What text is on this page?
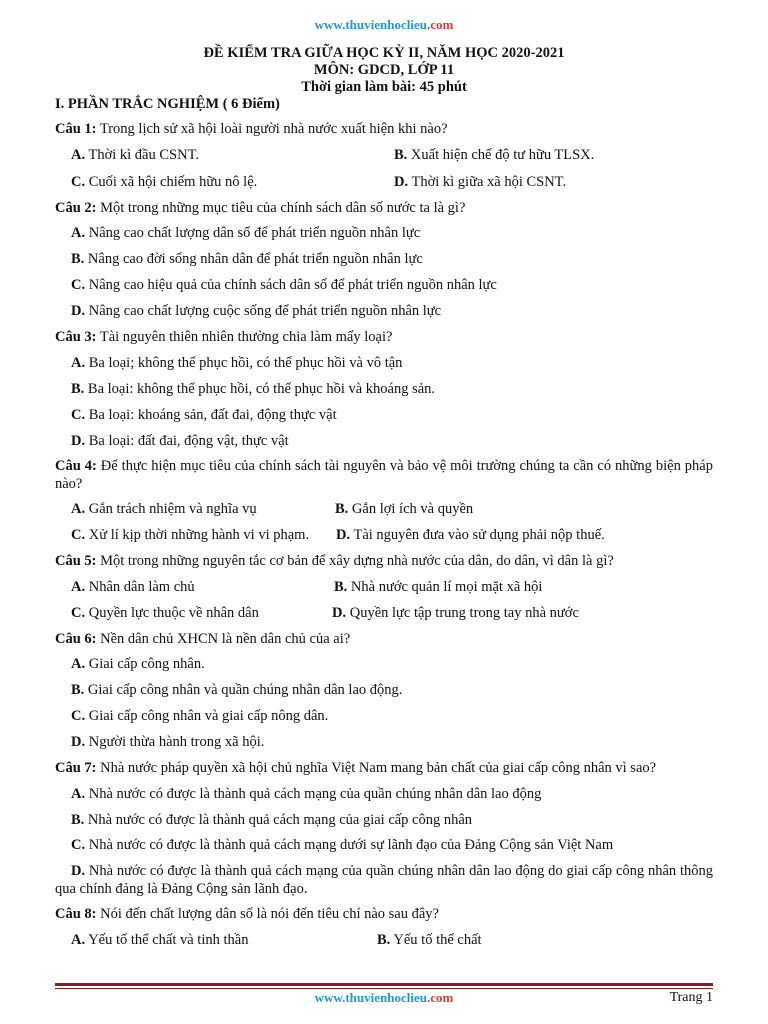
www.thuvienhoclieu.com
ĐỀ KIỂM TRA GIỮA HỌC KỲ II, NĂM HỌC 2020-2021
MÔN: GDCD, LỚP 11
Thời gian làm bài: 45 phút
I. PHẦN TRẮC NGHIỆM ( 6 Điểm)
Câu 1: Trong lịch sử xã hội loài người nhà nước xuất hiện khi nào?
A. Thời kì đầu CSNT.	B. Xuất hiện chế độ tư hữu TLSX.
C. Cuối xã hội chiếm hữu nô lệ.	D. Thời kì giữa xã hội CSNT.
Câu 2: Một trong những mục tiêu của chính sách dân số nước ta là gì?
A. Nâng cao chất lượng dân số để phát triển nguồn nhân lực
B. Nâng cao đời sống nhân dân để phát triển nguồn nhân lực
C. Nâng cao hiệu quả của chính sách dân số để phát triển nguồn nhân lực
D. Nâng cao chất lượng cuộc sống để phát triển nguồn nhân lực
Câu 3: Tài nguyên thiên nhiên thường chia làm mấy loại?
A. Ba loại; không thể phục hồi, có thể phục hồi và vô tận
B. Ba loại: không thể phục hồi, có thể phục hồi và khoáng sản.
C. Ba loại: khoáng sản, đất đai, động thực vật
D. Ba loại: đất đai, động vật, thực vật
Câu 4: Để thực hiện mục tiêu của chính sách tài nguyên và bảo vệ môi trường chúng ta cần có những biện pháp nào?
A. Gắn trách nhiệm và nghĩa vụ	B. Gắn lợi ích và quyền
C. Xử lí kịp thời những hành vi vi phạm. D. Tài nguyên đưa vào sử dụng phải nộp thuế.
Câu 5: Một trong những nguyên tắc cơ bản để xây dựng nhà nước của dân, do dân, vì dân là gì?
A. Nhân dân làm chủ	B. Nhà nước quản lí mọi mặt xã hội
C. Quyền lực thuộc về nhân dân	D. Quyền lực tập trung trong tay nhà nước
Câu 6: Nền dân chủ XHCN là nền dân chủ của ai?
A. Giai cấp công nhân.
B. Giai cấp công nhân và quần chúng nhân dân lao động.
C. Giai cấp công nhân và giai cấp nông dân.
D. Người thừa hành trong xã hội.
Câu 7: Nhà nước pháp quyền xã hội chủ nghĩa Việt Nam mang bản chất của giai cấp công nhân vì sao?
A. Nhà nước có được là thành quả cách mạng của quần chúng nhân dân lao động
B. Nhà nước có được là thành quả cách mạng của giai cấp công nhân
C. Nhà nước có được là thành quả cách mạng dưới sự lãnh đạo của Đảng Cộng sản Việt Nam
D. Nhà nước có được là thành quả cách mạng của quần chúng nhân dân lao động do giai cấp công nhân thông qua chính đảng là Đảng Cộng sản lãnh đạo.
Câu 8: Nói đến chất lượng dân số là nói đến tiêu chí nào sau đây?
A. Yếu tố thể chất và tinh thần	B. Yếu tố thể chất
www.thuvienhoclieu.com	Trang 1
